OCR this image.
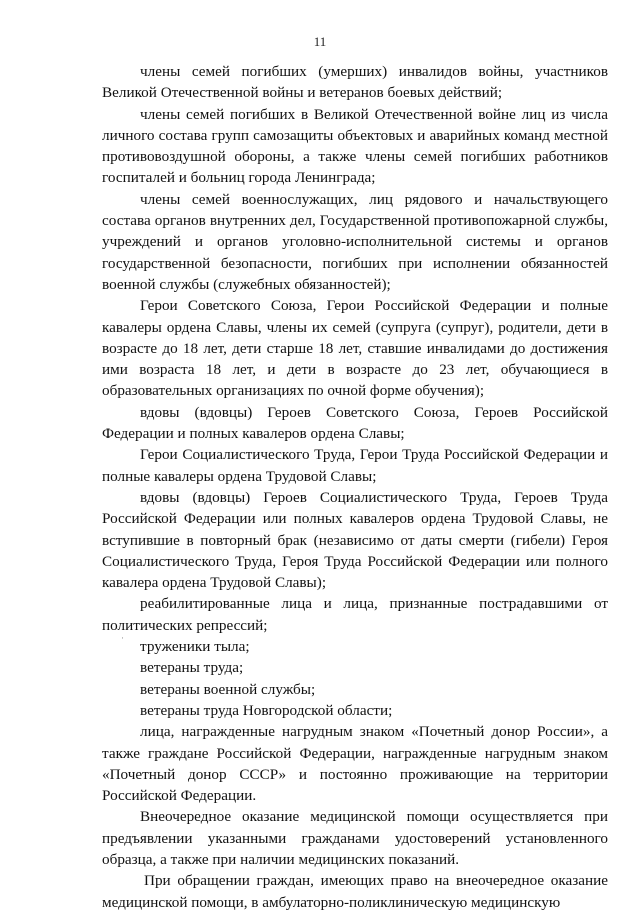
11

члены семей погибших (умерших) инвалидов войны, участников Великой Отечественной войны и ветеранов боевых действий;

члены семей погибших в Великой Отечественной войне лиц из числа личного состава групп самозащиты объектовых и аварийных команд местной противовоздушной обороны, а также члены семей погибших работников госпиталей и больниц города Ленинграда;

члены семей военнослужащих, лиц рядового и начальствующего состава органов внутренних дел, Государственной противопожарной службы, учреждений и органов уголовно-исполнительной системы и органов государственной безопасности, погибших при исполнении обязанностей военной службы (служебных обязанностей);

Герои Советского Союза, Герои Российской Федерации и полные кавалеры ордена Славы, члены их семей (супруга (супруг), родители, дети в возрасте до 18 лет, дети старше 18 лет, ставшие инвалидами до достижения ими возраста 18 лет, и дети в возрасте до 23 лет, обучающиеся в образовательных организациях по очной форме обучения);

вдовы (вдовцы) Героев Советского Союза, Героев Российской Федерации и полных кавалеров ордена Славы;

Герои Социалистического Труда, Герои Труда Российской Федерации и полные кавалеры ордена Трудовой Славы;

вдовы (вдовцы) Героев Социалистического Труда, Героев Труда Российской Федерации или полных кавалеров ордена Трудовой Славы, не вступившие в повторный брак (независимо от даты смерти (гибели) Героя Социалистического Труда, Героя Труда Российской Федерации или полного кавалера ордена Трудовой Славы);

реабилитированные лица и лица, признанные пострадавшими от политических репрессий;

труженики тыла;

ветераны труда;

ветераны военной службы;

ветераны труда Новгородской области;

лица, награжденные нагрудным знаком «Почетный донор России», а также граждане Российской Федерации, награжденные нагрудным знаком «Почетный донор СССР» и постоянно проживающие на территории Российской Федерации.

Внеочередное оказание медицинской помощи осуществляется при предъявлении указанными гражданами удостоверений установленного образца, а также при наличии медицинских показаний.

При обращении граждан, имеющих право на внеочередное оказание медицинской помощи, в амбулаторно-поликлиническую медицинскую

·
